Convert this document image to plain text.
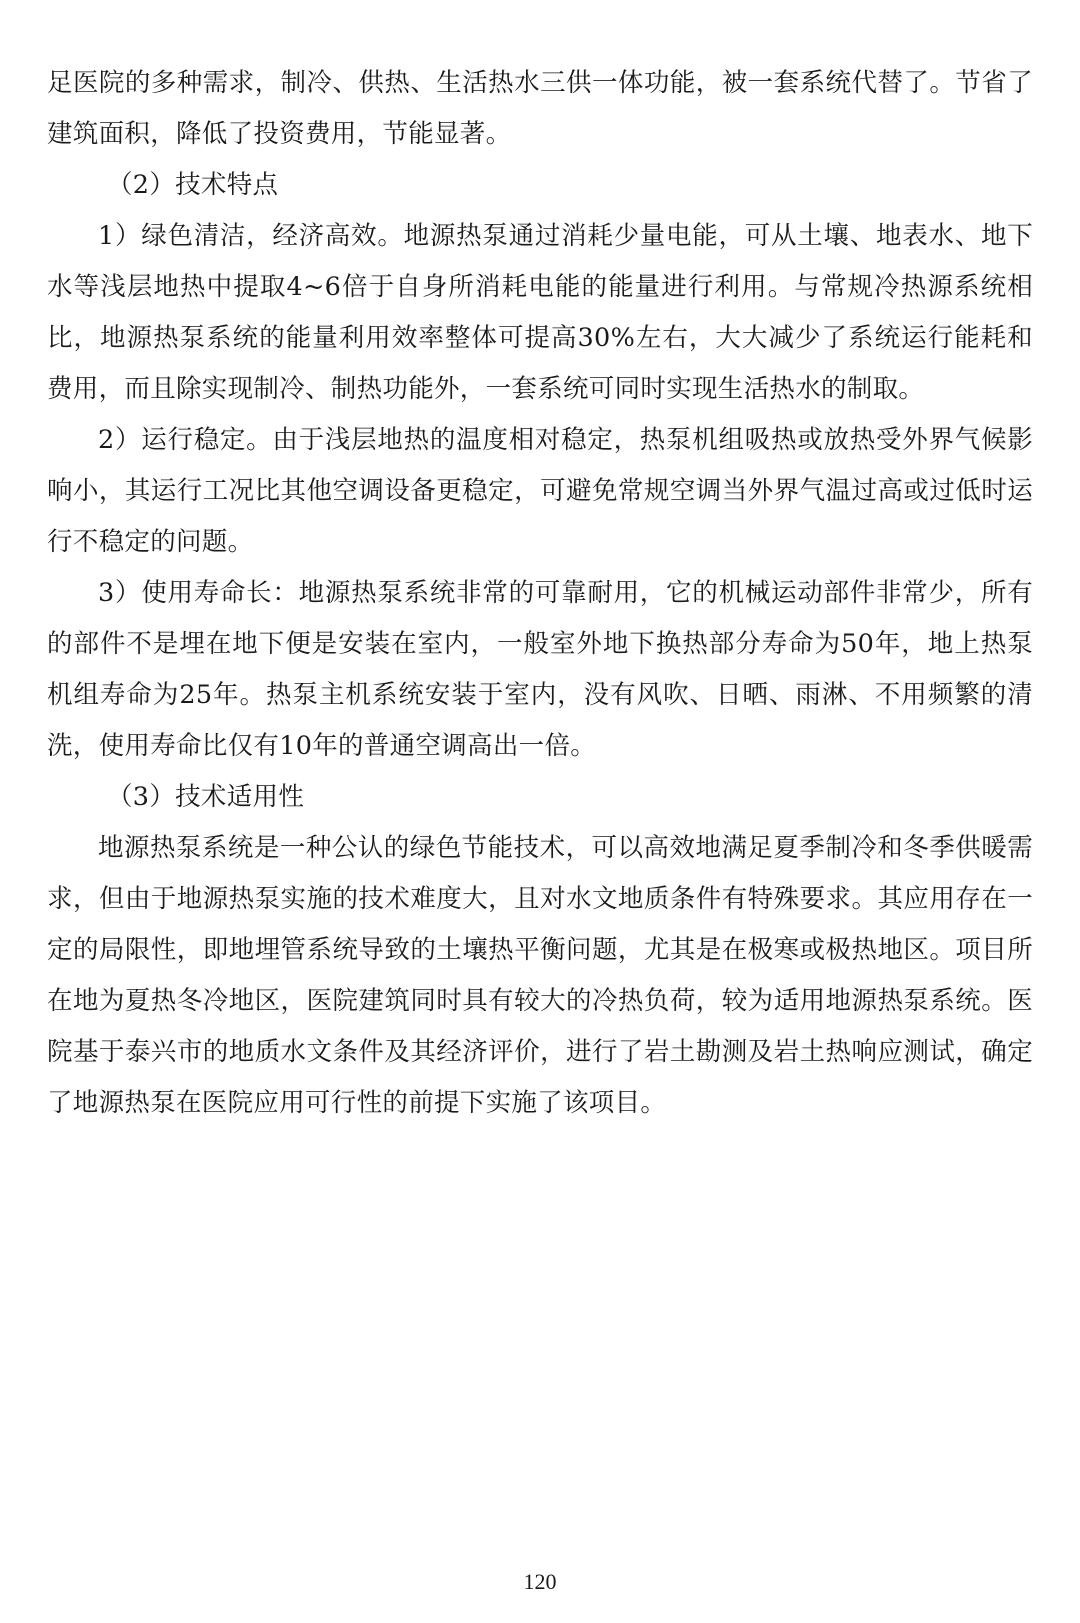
足医院的多种需求，制冷、供热、生活热水三供一体功能，被一套系统代替了。节省了建筑面积，降低了投资费用，节能显著。

（2）技术特点

1）绿色清洁，经济高效。地源热泵通过消耗少量电能，可从土壤、地表水、地下水等浅层地热中提取4~6倍于自身所消耗电能的能量进行利用。与常规冷热源系统相比，地源热泵系统的能量利用效率整体可提高30%左右，大大减少了系统运行能耗和费用，而且除实现制冷、制热功能外，一套系统可同时实现生活热水的制取。

2）运行稳定。由于浅层地热的温度相对稳定，热泵机组吸热或放热受外界气候影响小，其运行工况比其他空调设备更稳定，可避免常规空调当外界气温过高或过低时运行不稳定的问题。

3）使用寿命长：地源热泵系统非常的可靠耐用，它的机械运动部件非常少，所有的部件不是埋在地下便是安装在室内，一般室外地下换热部分寿命为50年，地上热泵机组寿命为25年。热泵主机系统安装于室内，没有风吹、日晒、雨淋、不用频繁的清洗，使用寿命比仅有10年的普通空调高出一倍。

（3）技术适用性

地源热泵系统是一种公认的绿色节能技术，可以高效地满足夏季制冷和冬季供暖需求，但由于地源热泵实施的技术难度大，且对水文地质条件有特殊要求。其应用存在一定的局限性，即地埋管系统导致的土壤热平衡问题，尤其是在极寒或极热地区。项目所在地为夏热冬冷地区，医院建筑同时具有较大的冷热负荷，较为适用地源热泵系统。医院基于泰兴市的地质水文条件及其经济评价，进行了岩土勘测及岩土热响应测试，确定了地源热泵在医院应用可行性的前提下实施了该项目。

120
